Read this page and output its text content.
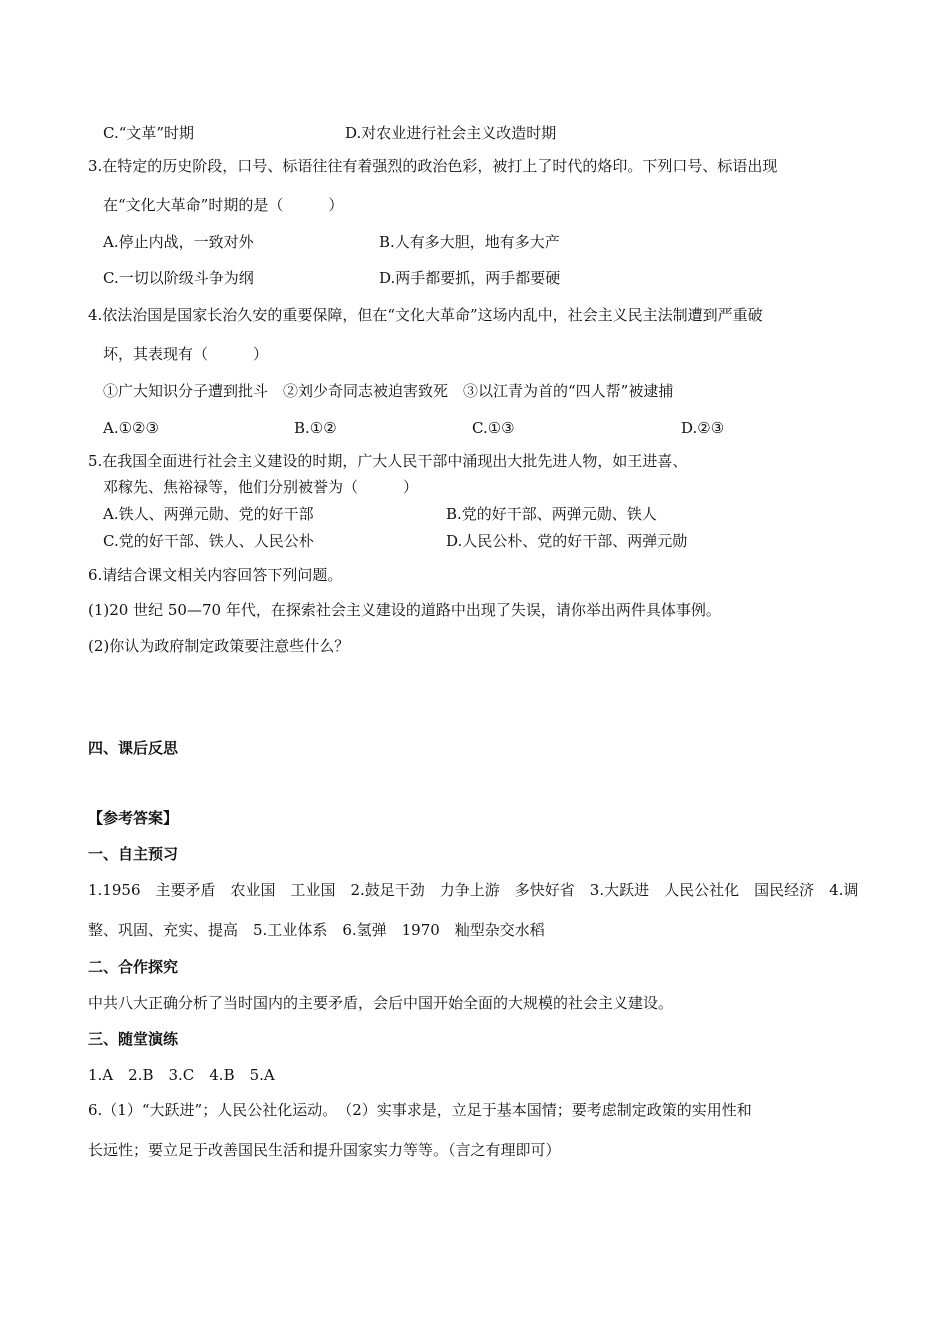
C.“文革”时期	D.对农业进行社会主义改造时期
3.在特定的历史阶段，口号、标语往往有着强烈的政治色彩，被打上了时代的烙印。下列口号、标语出现
在“文化大革命”时期的是（　　　）
A.停止内战，一致对外	B.人有多大胆，地有多大产
C.一切以阶级斗争为纲	D.两手都要抓，两手都要硬
4.依法治国是国家长治久安的重要保障，但在“文化大革命”这场内乱中，社会主义民主法制遭到严重破
坏，其表现有（　　　）
①广大知识分子遭到批斗　②刘少奇同志被迫害致死　③以江青为首的“四人帮”被逮捕
A.①②③	B.①②	C.①③	D.②③
5.在我国全面进行社会主义建设的时期，广大人民干部中涌现出大批先进人物，如王进喜、
邓稼先、焦裕禄等，他们分别被誉为（　　　）
A.铁人、两弹元勋、党的好干部	B.党的好干部、两弹元勋、铁人
C.党的好干部、铁人、人民公朴	D.人民公朴、党的好干部、两弹元勋
6.请结合课文相关内容回答下列问题。
(1)20 世纪 50—70 年代，在探索社会主义建设的道路中出现了失误，请你举出两件具体事例。
(2)你认为政府制定政策要注意些什么？
四、课后反思
【参考答案】
一、自主预习
1.1956　主要矛盾　农业国　工业国　2.鼓足干劲　力争上游　多快好省　3.大跃进　人民公社化　国民经济　4.调
整、巩固、充实、提高　5.工业体系　6.氢弹　1970　籼型杂交水稻
二、合作探究
中共八大正确分析了当时国内的主要矛盾，会后中国开始全面的大规模的社会主义建设。
三、随堂演练
1.A　2.B　3.C　4.B　5.A
6.（1）“大跃进”；人民公社化运动。　（2）实事求是，立足于基本国情；要考虑制定政策的实用性和
长远性；要立足于改善国民生活和提升国家实力等等。（言之有理即可）
